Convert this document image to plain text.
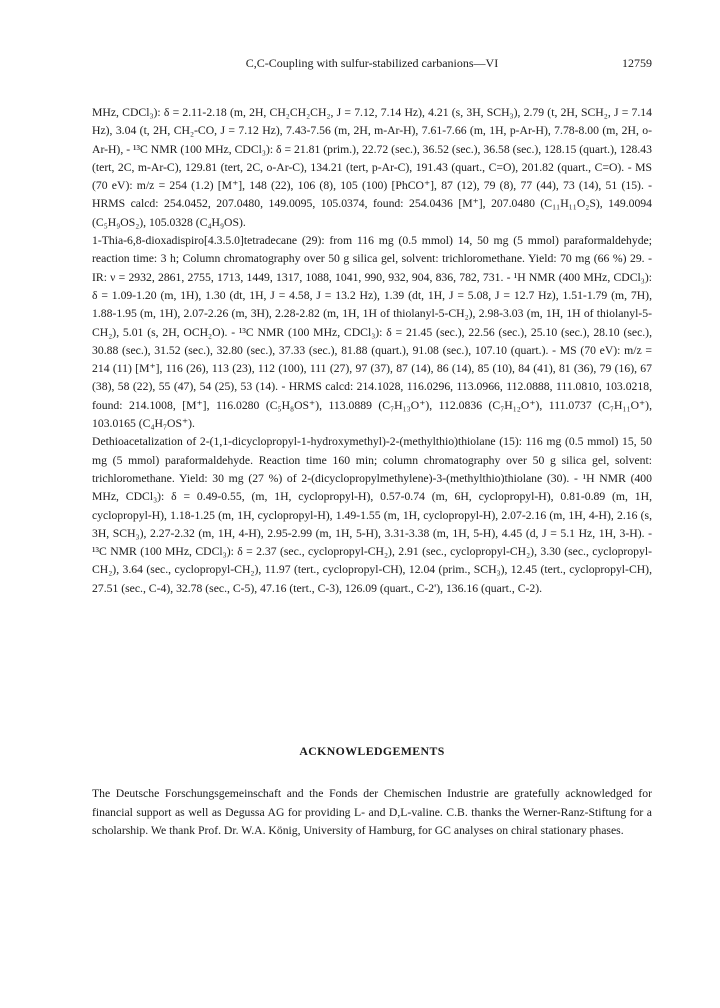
C,C-Coupling with sulfur-stabilized carbanions—VI	12759

MHz, CDCl₃): δ = 2.11-2.18 (m, 2H, CH₂CH₂CH₂, J = 7.12, 7.14 Hz), 4.21 (s, 3H, SCH₃), 2.79 (t, 2H, SCH₂, J = 7.14 Hz), 3.04 (t, 2H, CH₂-CO, J = 7.12 Hz), 7.43-7.56 (m, 2H, m-Ar-H), 7.61-7.66 (m, 1H, p-Ar-H), 7.78-8.00 (m, 2H, o-Ar-H), - ¹³C NMR (100 MHz, CDCl₃): δ = 21.81 (prim.), 22.72 (sec.), 36.52 (sec.), 36.58 (sec.), 128.15 (quart.), 128.43 (tert, 2C, m-Ar-C), 129.81 (tert, 2C, o-Ar-C), 134.21 (tert, p-Ar-C), 191.43 (quart., C=O), 201.82 (quart., C=O). - MS (70 eV): m/z = 254 (1.2) [M⁺], 148 (22), 106 (8), 105 (100) [PhCO⁺], 87 (12), 79 (8), 77 (44), 73 (14), 51 (15). - HRMS calcd: 254.0452, 207.0480, 149.0095, 105.0374, found: 254.0436 [M⁺], 207.0480 (C₁₁H₁₁O₂S), 149.0094 (C₅H₉OS₂), 105.0328 (C₄H₉OS).

1-Thia-6,8-dioxadispiro[4.3.5.0]tetradecane (29): from 116 mg (0.5 mmol) 14, 50 mg (5 mmol) paraformaldehyde; reaction time: 3 h; Column chromatography over 50 g silica gel, solvent: trichloromethane. Yield: 70 mg (66 %) 29. - IR: ν = 2932, 2861, 2755, 1713, 1449, 1317, 1088, 1041, 990, 932, 904, 836, 782, 731. - ¹H NMR (400 MHz, CDCl₃): δ = 1.09-1.20 (m, 1H), 1.30 (dt, 1H, J = 4.58, J = 13.2 Hz), 1.39 (dt, 1H, J = 5.08, J = 12.7 Hz), 1.51-1.79 (m, 7H), 1.88-1.95 (m, 1H), 2.07-2.26 (m, 3H), 2.28-2.82 (m, 1H, 1H of thiolanyl-5-CH₂), 2.98-3.03 (m, 1H, 1H of thiolanyl-5-CH₂), 5.01 (s, 2H, OCH₂O). - ¹³C NMR (100 MHz, CDCl₃): δ = 21.45 (sec.), 22.56 (sec.), 25.10 (sec.), 28.10 (sec.), 30.88 (sec.), 31.52 (sec.), 32.80 (sec.), 37.33 (sec.), 81.88 (quart.), 91.08 (sec.), 107.10 (quart.). - MS (70 eV): m/z = 214 (11) [M⁺], 116 (26), 113 (23), 112 (100), 111 (27), 97 (37), 87 (14), 86 (14), 85 (10), 84 (41), 81 (36), 79 (16), 67 (38), 58 (22), 55 (47), 54 (25), 53 (14). - HRMS calcd: 214.1028, 116.0296, 113.0966, 112.0888, 111.0810, 103.0218, found: 214.1008, [M⁺], 116.0280 (C₅H₈OS⁺), 113.0889 (C₇H₁₃O⁺), 112.0836 (C₇H₁₂O⁺), 111.0737 (C₇H₁₁O⁺), 103.0165 (C₄H₇OS⁺).

Dethioacetalization of 2-(1,1-dicyclopropyl-1-hydroxymethyl)-2-(methylthio)thiolane (15): 116 mg (0.5 mmol) 15, 50 mg (5 mmol) paraformaldehyde. Reaction time 160 min; column chromatography over 50 g silica gel, solvent: trichloromethane. Yield: 30 mg (27 %) of 2-(dicyclopropylmethylene)-3-(methylthio)thiolane (30). - ¹H NMR (400 MHz, CDCl₃): δ = 0.49-0.55, (m, 1H, cyclopropyl-H), 0.57-0.74 (m, 6H, cyclopropyl-H), 0.81-0.89 (m, 1H, cyclopropyl-H), 1.18-1.25 (m, 1H, cyclopropyl-H), 1.49-1.55 (m, 1H, cyclopropyl-H), 2.07-2.16 (m, 1H, 4-H), 2.16 (s, 3H, SCH₃), 2.27-2.32 (m, 1H, 4-H), 2.95-2.99 (m, 1H, 5-H), 3.31-3.38 (m, 1H, 5-H), 4.45 (d, J = 5.1 Hz, 1H, 3-H). - ¹³C NMR (100 MHz, CDCl₃): δ = 2.37 (sec., cyclopropyl-CH₂), 2.91 (sec., cyclopropyl-CH₂), 3.30 (sec., cyclopropyl-CH₂), 3.64 (sec., cyclopropyl-CH₂), 11.97 (tert., cyclopropyl-CH), 12.04 (prim., SCH₃), 12.45 (tert., cyclopropyl-CH), 27.51 (sec., C-4), 32.78 (sec., C-5), 47.16 (tert., C-3), 126.09 (quart., C-2'), 136.16 (quart., C-2).

ACKNOWLEDGEMENTS

The Deutsche Forschungsgemeinschaft and the Fonds der Chemischen Industrie are gratefully acknowledged for financial support as well as Degussa AG for providing L- and D,L-valine. C.B. thanks the Werner-Ranz-Stiftung for a scholarship. We thank Prof. Dr. W.A. König, University of Hamburg, for GC analyses on chiral stationary phases.
